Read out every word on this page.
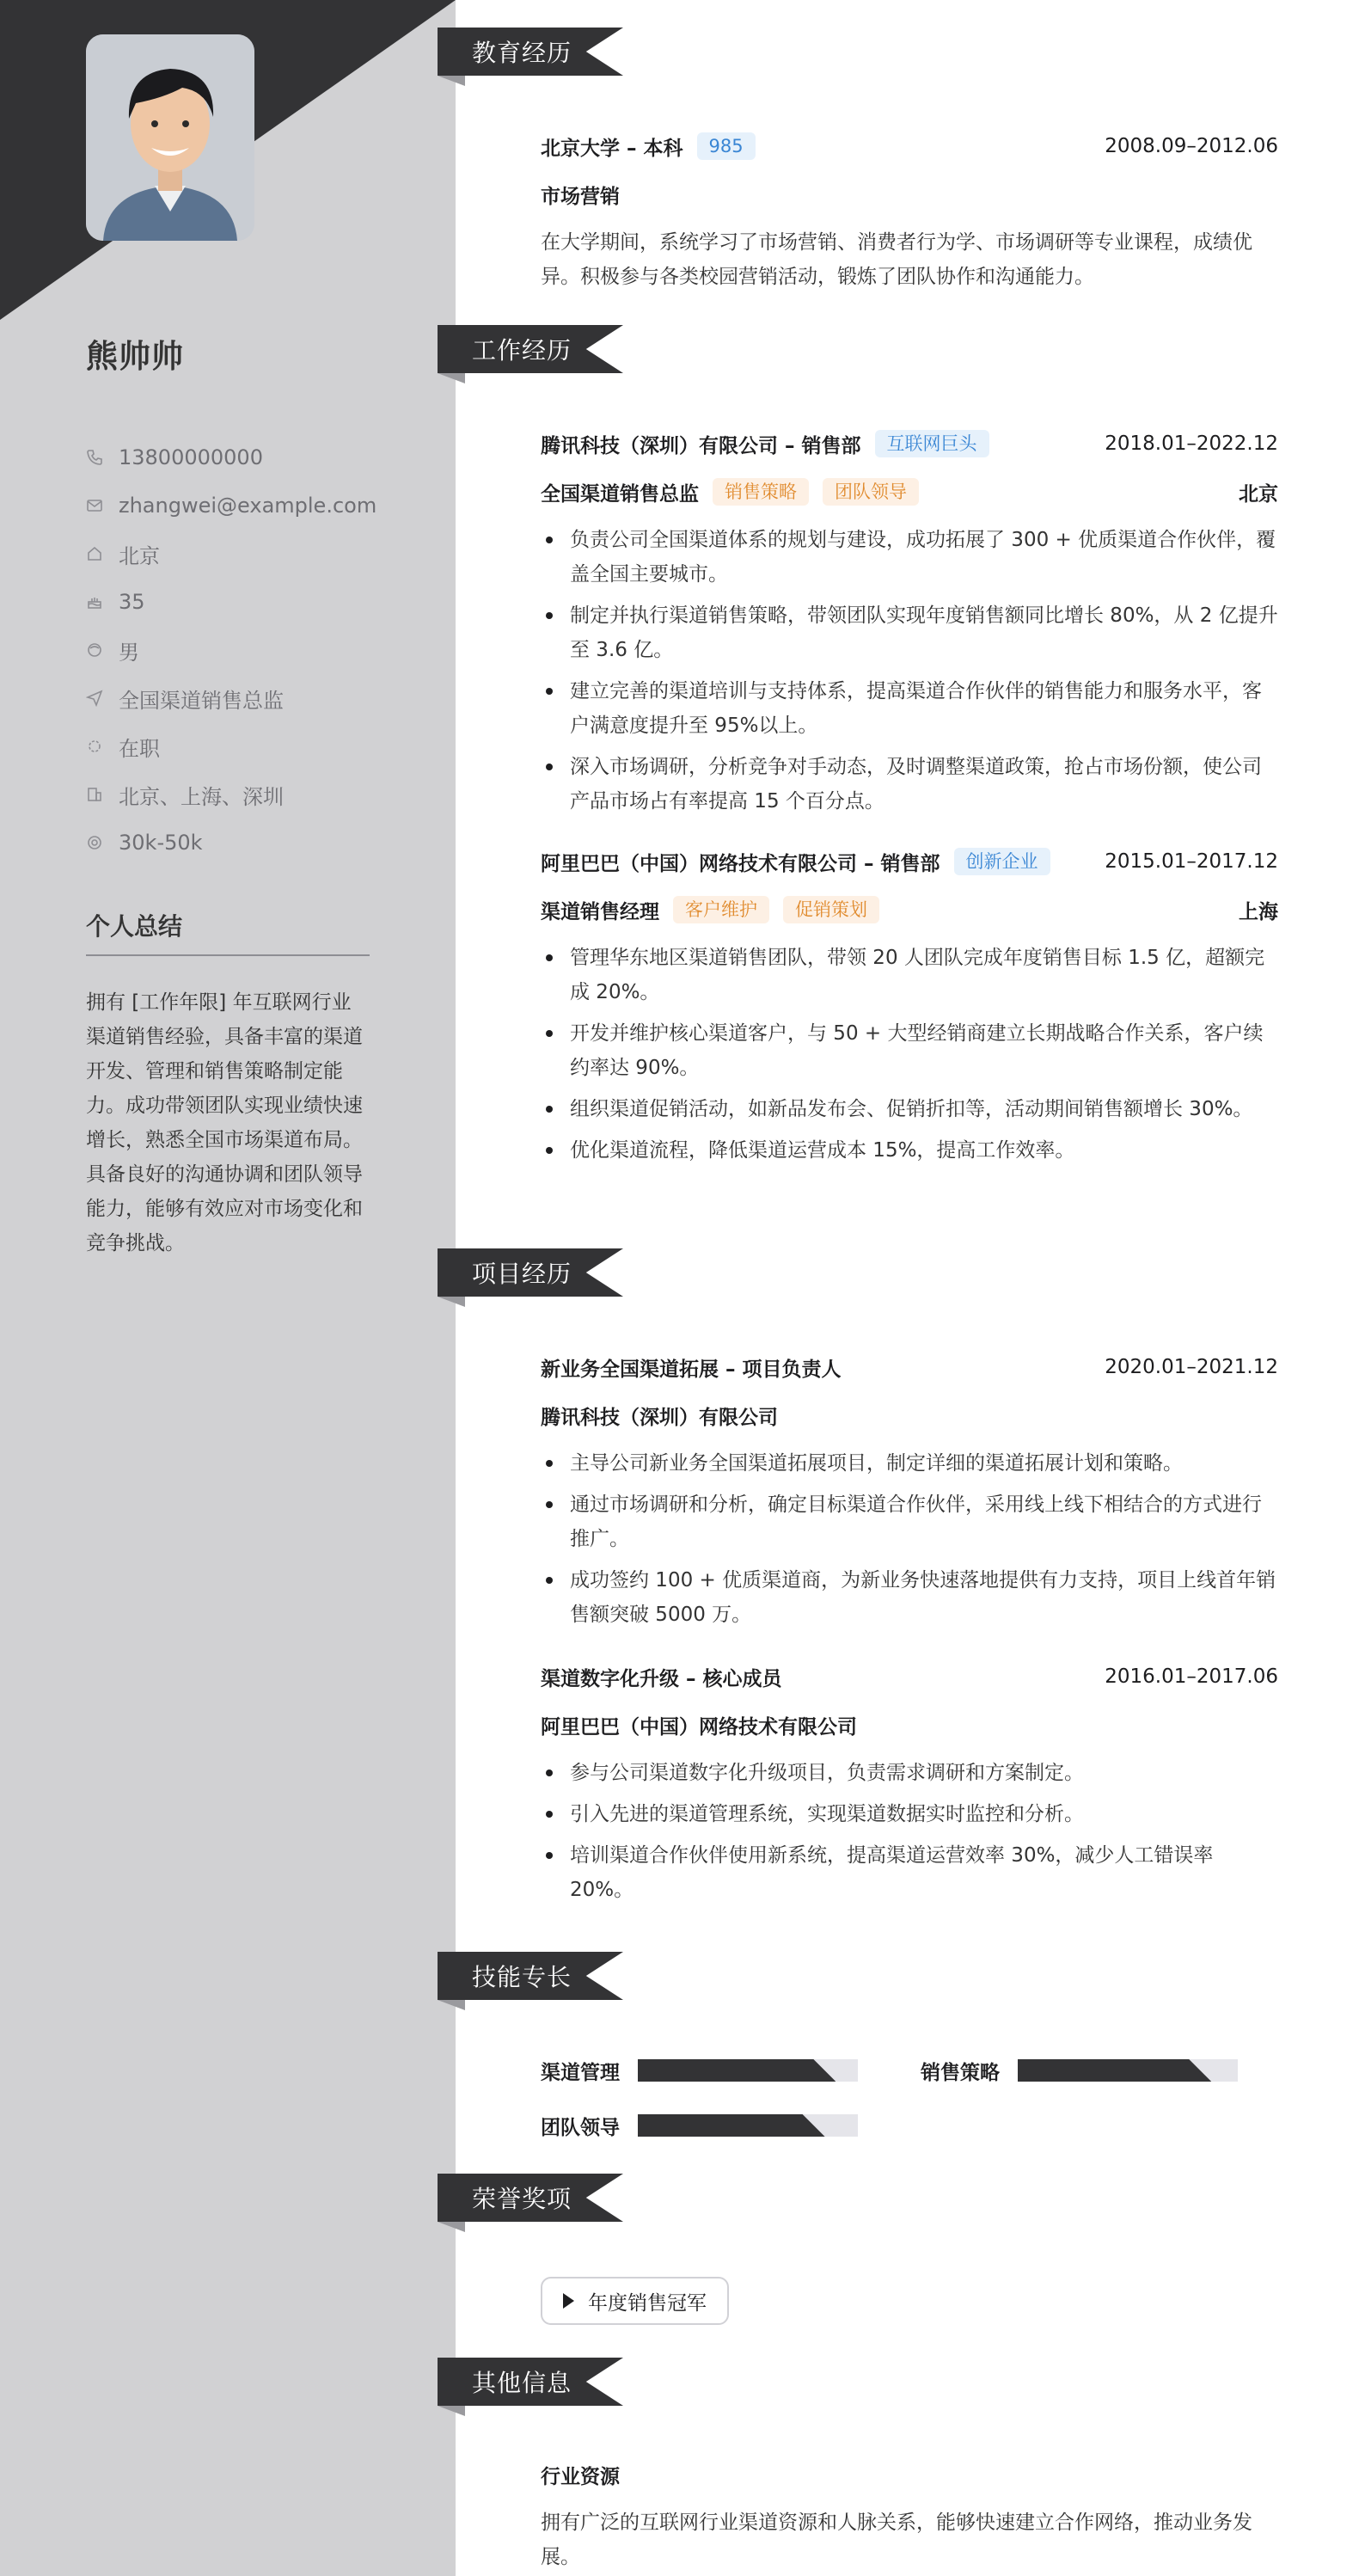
熊帅帅
13800000000
zhangwei@example.com
北京
35
男
全国渠道销售总监
在职
北京、上海、深圳
30k-50k
个人总结
拥有 [工作年限] 年互联网行业渠道销售经验，具备丰富的渠道开发、管理和销售策略制定能力。成功带领团队实现业绩快速增长，熟悉全国市场渠道布局。具备良好的沟通协调和团队领导能力，能够有效应对市场变化和竞争挑战。
教育经历
北京大学 – 本科	985	2008.09–2012.06
市场营销
在大学期间，系统学习了市场营销、消费者行为学、市场调研等专业课程，成绩优异。积极参与各类校园营销活动，锻炼了团队协作和沟通能力。
工作经历
腾讯科技（深圳）有限公司 – 销售部	互联网巨头	2018.01–2022.12
全国渠道销售总监	销售策略	团队领导	北京
负责公司全国渠道体系的规划与建设，成功拓展了 300 + 优质渠道合作伙伴，覆盖全国主要城市。
制定并执行渠道销售策略，带领团队实现年度销售额同比增长 80%，从 2 亿提升至 3.6 亿。
建立完善的渠道培训与支持体系，提高渠道合作伙伴的销售能力和服务水平，客户满意度提升至 95%以上。
深入市场调研，分析竞争对手动态，及时调整渠道政策，抢占市场份额，使公司产品市场占有率提高 15 个百分点。
阿里巴巴（中国）网络技术有限公司 – 销售部	创新企业	2015.01–2017.12
渠道销售经理	客户维护	促销策划	上海
管理华东地区渠道销售团队，带领 20 人团队完成年度销售目标 1.5 亿，超额完成 20%。
开发并维护核心渠道客户，与 50 + 大型经销商建立长期战略合作关系，客户续约率达 90%。
组织渠道促销活动，如新品发布会、促销折扣等，活动期间销售额增长 30%。
优化渠道流程，降低渠道运营成本 15%，提高工作效率。
项目经历
新业务全国渠道拓展 – 项目负责人	2020.01–2021.12
腾讯科技（深圳）有限公司
主导公司新业务全国渠道拓展项目，制定详细的渠道拓展计划和策略。
通过市场调研和分析，确定目标渠道合作伙伴，采用线上线下相结合的方式进行推广。
成功签约 100 + 优质渠道商，为新业务快速落地提供有力支持，项目上线首年销售额突破 5000 万。
渠道数字化升级 – 核心成员	2016.01–2017.06
阿里巴巴（中国）网络技术有限公司
参与公司渠道数字化升级项目，负责需求调研和方案制定。
引入先进的渠道管理系统，实现渠道数据实时监控和分析。
培训渠道合作伙伴使用新系统，提高渠道运营效率 30%，减少人工错误率 20%。
技能专长
渠道管理	销售策略
团队领导
荣誉奖项
年度销售冠军
其他信息
行业资源
拥有广泛的互联网行业渠道资源和人脉关系，能够快速建立合作网络，推动业务发展。
